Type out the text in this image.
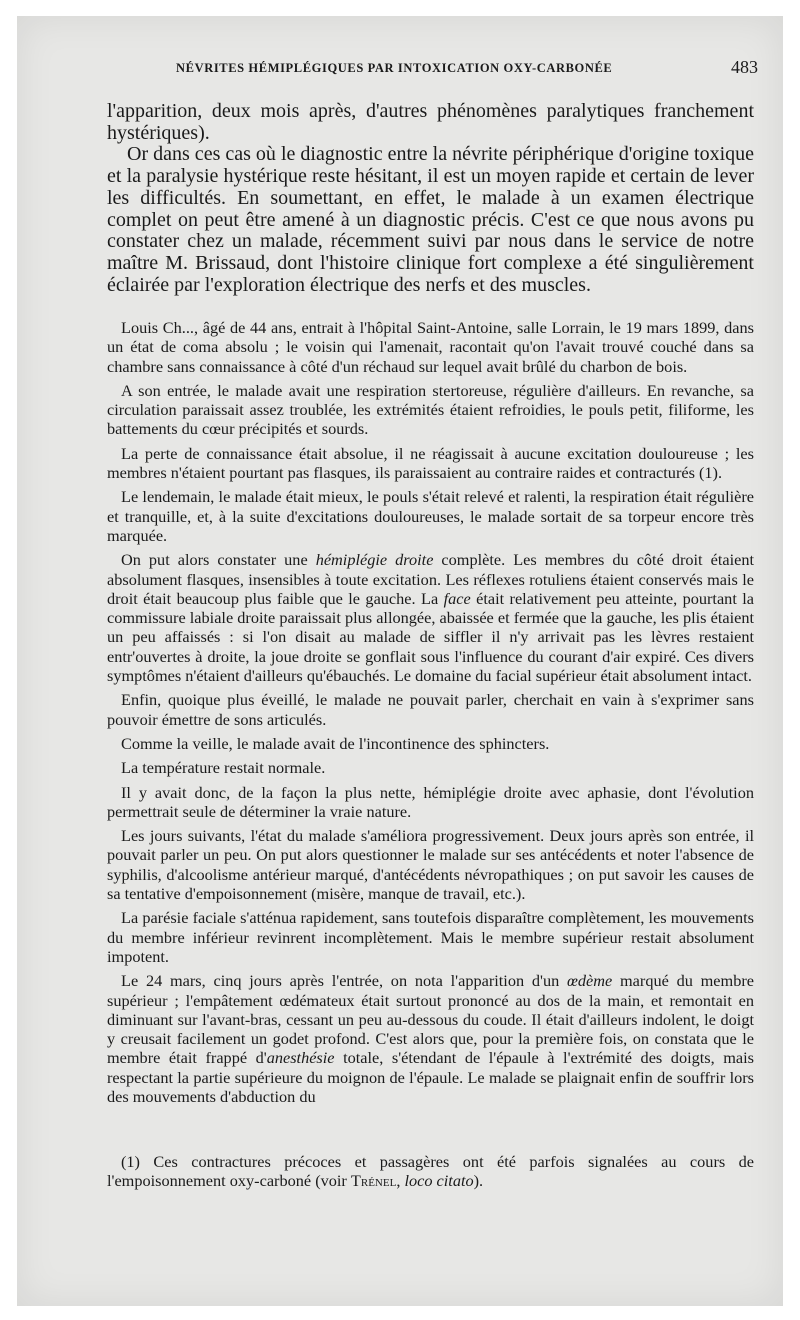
NÉVRITES HÉMIPLÉGIQUES PAR INTOXICATION OXY-CARBONÉE	483

l'apparition, deux mois après, d'autres phénomènes paralytiques franchement hystériques).

Or dans ces cas où le diagnostic entre la névrite périphérique d'origine toxique et la paralysie hystérique reste hésitant, il est un moyen rapide et certain de lever les difficultés. En soumettant, en effet, le malade à un examen électrique complet on peut être amené à un diagnostic précis. C'est ce que nous avons pu constater chez un malade, récemment suivi par nous dans le service de notre maître M. Brissaud, dont l'histoire clinique fort complexe a été singulièrement éclairée par l'exploration électrique des nerfs et des muscles.

Louis Ch..., âgé de 44 ans, entrait à l'hôpital Saint-Antoine, salle Lorrain, le 19 mars 1899, dans un état de coma absolu ; le voisin qui l'amenait, racontait qu'on l'avait trouvé couché dans sa chambre sans connaissance à côté d'un réchaud sur lequel avait brûlé du charbon de bois.

A son entrée, le malade avait une respiration stertoreuse, régulière d'ailleurs. En revanche, sa circulation paraissait assez troublée, les extrémités étaient refroidies, le pouls petit, filiforme, les battements du cœur précipités et sourds.

La perte de connaissance était absolue, il ne réagissait à aucune excitation douloureuse ; les membres n'étaient pourtant pas flasques, ils paraissaient au contraire raides et contracturés (1).

Le lendemain, le malade était mieux, le pouls s'était relevé et ralenti, la respiration était régulière et tranquille, et, à la suite d'excitations douloureuses, le malade sortait de sa torpeur encore très marquée.

On put alors constater une hémiplégie droite complète. Les membres du côté droit étaient absolument flasques, insensibles à toute excitation. Les réflexes rotuliens étaient conservés mais le droit était beaucoup plus faible que le gauche. La face était relativement peu atteinte, pourtant la commissure labiale droite paraissait plus allongée, abaissée et fermée que la gauche, les plis étaient un peu affaissés : si l'on disait au malade de siffler il n'y arrivait pas les lèvres restaient entr'ouvertes à droite, la joue droite se gonflait sous l'influence du courant d'air expiré. Ces divers symptômes n'étaient d'ailleurs qu'ébauchés. Le domaine du facial supérieur était absolument intact.

Enfin, quoique plus éveillé, le malade ne pouvait parler, cherchait en vain à s'exprimer sans pouvoir émettre de sons articulés.

Comme la veille, le malade avait de l'incontinence des sphincters.

La température restait normale.

Il y avait donc, de la façon la plus nette, hémiplégie droite avec aphasie, dont l'évolution permettrait seule de déterminer la vraie nature.

Les jours suivants, l'état du malade s'améliora progressivement. Deux jours après son entrée, il pouvait parler un peu. On put alors questionner le malade sur ses antécédents et noter l'absence de syphilis, d'alcoolisme antérieur marqué, d'antécédents névropathiques ; on put savoir les causes de sa tentative d'empoisonnement (misère, manque de travail, etc.).

La parésie faciale s'atténua rapidement, sans toutefois disparaître complètement, les mouvements du membre inférieur revinrent incomplètement. Mais le membre supérieur restait absolument impotent.

Le 24 mars, cinq jours après l'entrée, on nota l'apparition d'un œdème marqué du membre supérieur ; l'empâtement œdémateux était surtout prononcé au dos de la main, et remontait en diminuant sur l'avant-bras, cessant un peu au-dessous du coude. Il était d'ailleurs indolent, le doigt y creusait facilement un godet profond. C'est alors que, pour la première fois, on constata que le membre était frappé d'anesthésie totale, s'étendant de l'épaule à l'extrémité des doigts, mais respectant la partie supérieure du moignon de l'épaule. Le malade se plaignait enfin de souffrir lors des mouvements d'abduction du

(1) Ces contractures précoces et passagères ont été parfois signalées au cours de l'empoisonnement oxy-carboné (voir Trénel, loco citato).
